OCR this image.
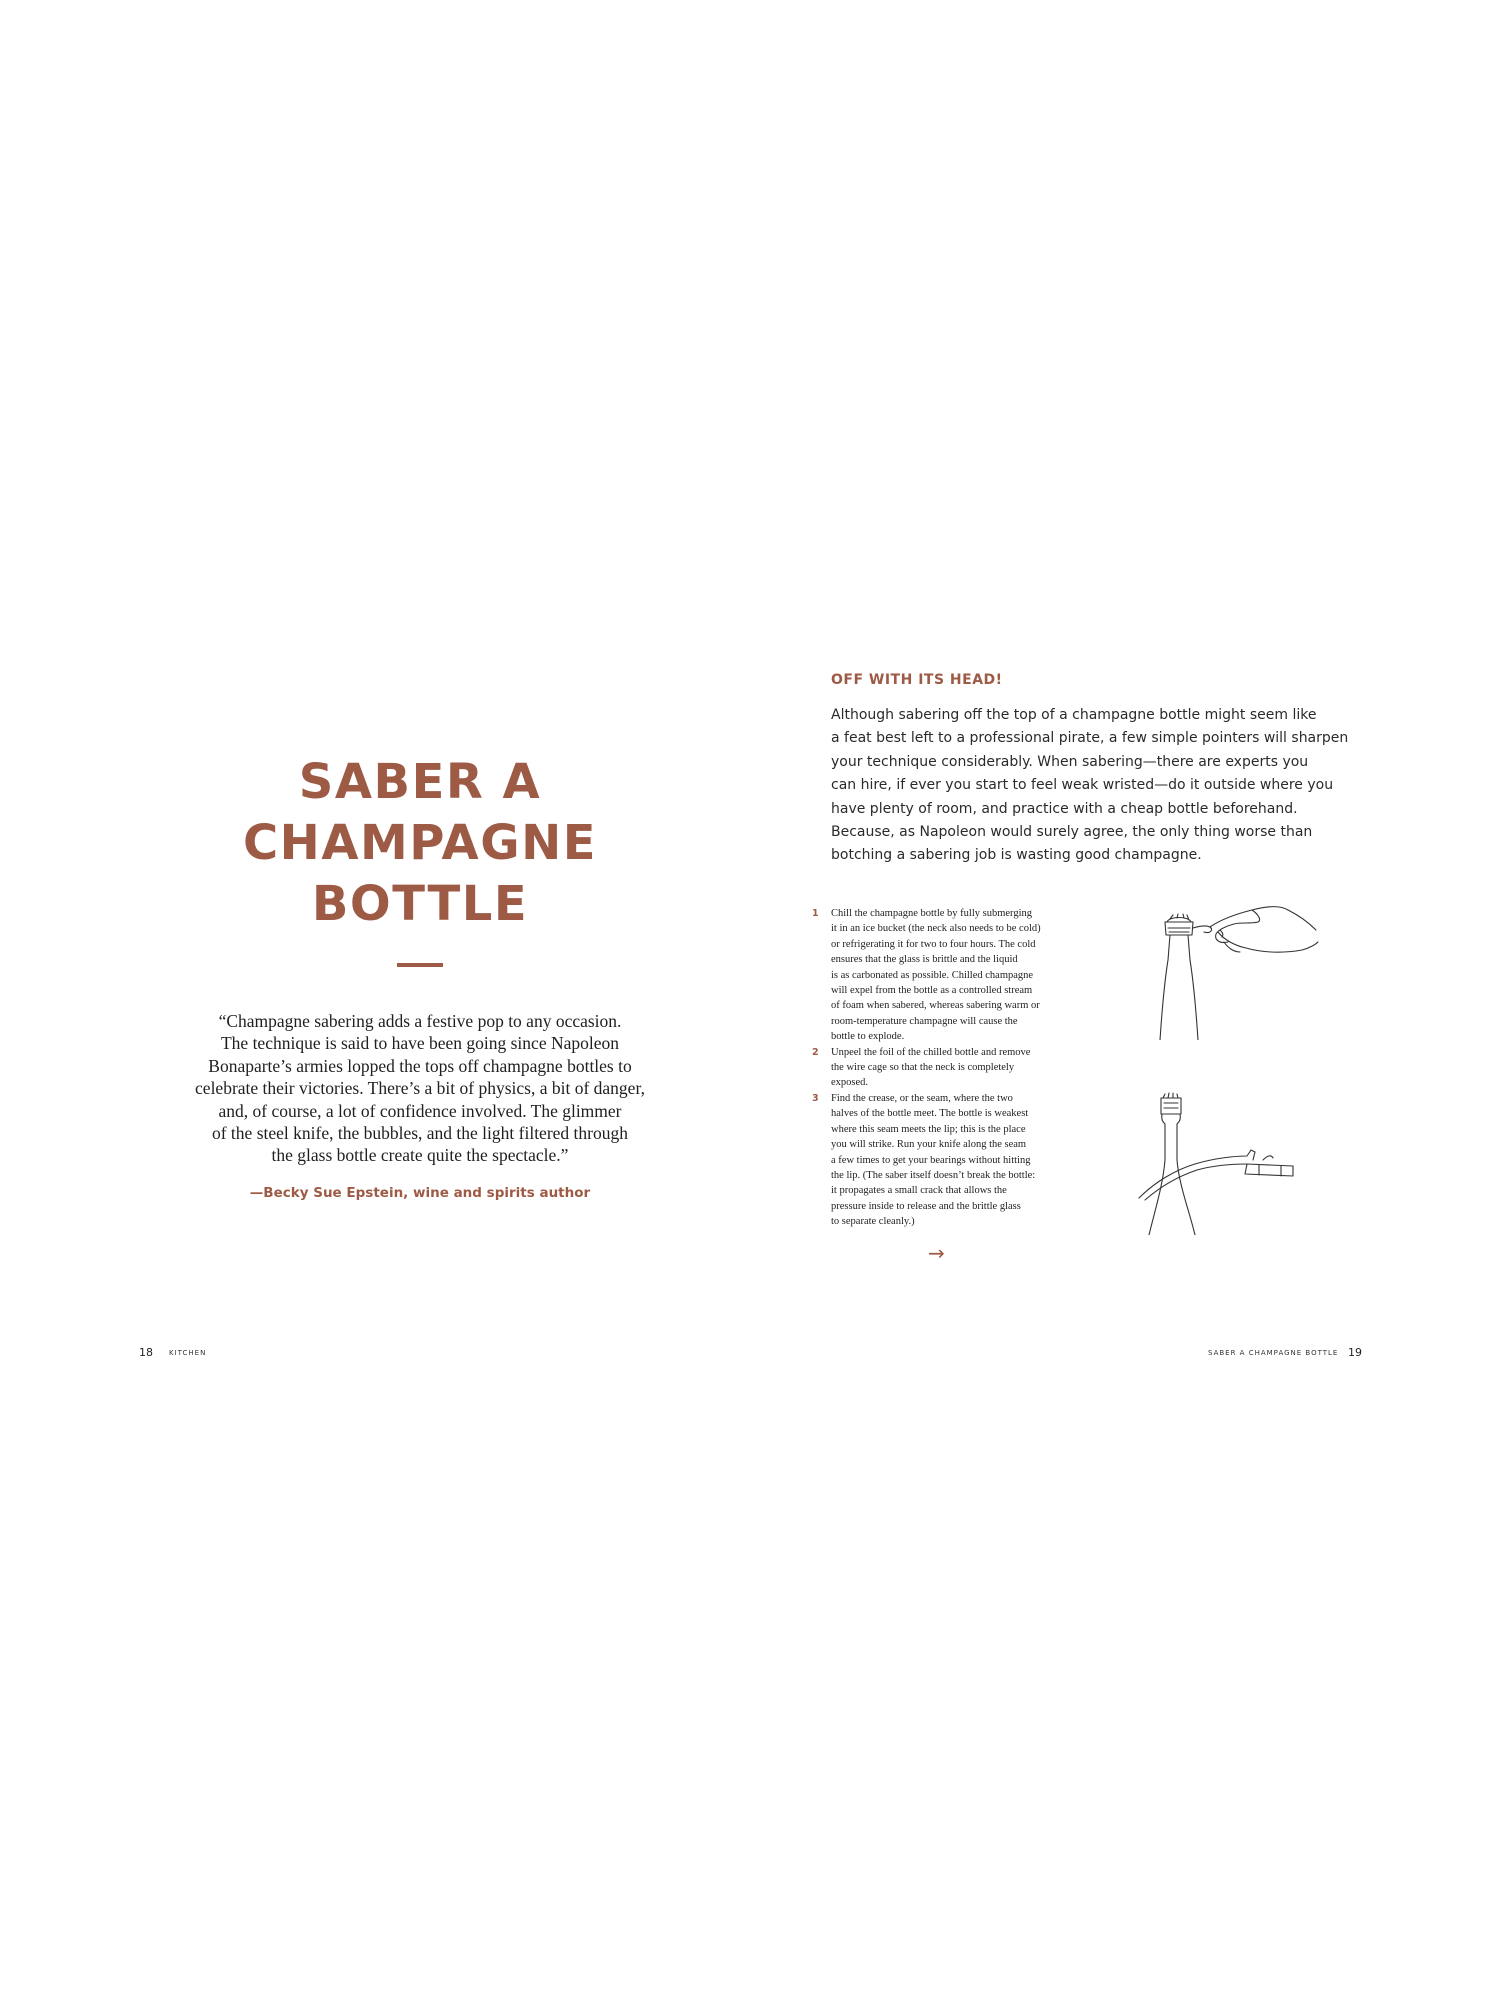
SABER A
CHAMPAGNE
BOTTLE

“Champagne sabering adds a festive pop to any occasion.
The technique is said to have been going since Napoleon
Bonaparte’s armies lopped the tops off champagne bottles to
celebrate their victories. There’s a bit of physics, a bit of danger,
and, of course, a lot of confidence involved. The glimmer
of the steel knife, the bubbles, and the light filtered through
the glass bottle create quite the spectacle.”

—Becky Sue Epstein, wine and spirits author

OFF WITH ITS HEAD!

Although sabering off the top of a champagne bottle might seem like
a feat best left to a professional pirate, a few simple pointers will sharpen
your technique considerably. When sabering—there are experts you
can hire, if ever you start to feel weak wristed—do it outside where you
have plenty of room, and practice with a cheap bottle beforehand.
Because, as Napoleon would surely agree, the only thing worse than
botching a sabering job is wasting good champagne.

1 Chill the champagne bottle by fully submerging
it in an ice bucket (the neck also needs to be cold)
or refrigerating it for two to four hours. The cold
ensures that the glass is brittle and the liquid
is as carbonated as possible. Chilled champagne
will expel from the bottle as a controlled stream
of foam when sabered, whereas sabering warm or
room-temperature champagne will cause the
bottle to explode.
2 Unpeel the foil of the chilled bottle and remove
the wire cage so that the neck is completely
exposed.
3 Find the crease, or the seam, where the two
halves of the bottle meet. The bottle is weakest
where this seam meets the lip; this is the place
you will strike. Run your knife along the seam
a few times to get your bearings without hitting
the lip. (The saber itself doesn’t break the bottle:
it propagates a small crack that allows the
pressure inside to release and the brittle glass
to separate cleanly.)
→
18 KITCHEN	SABER A CHAMPAGNE BOTTLE 19
